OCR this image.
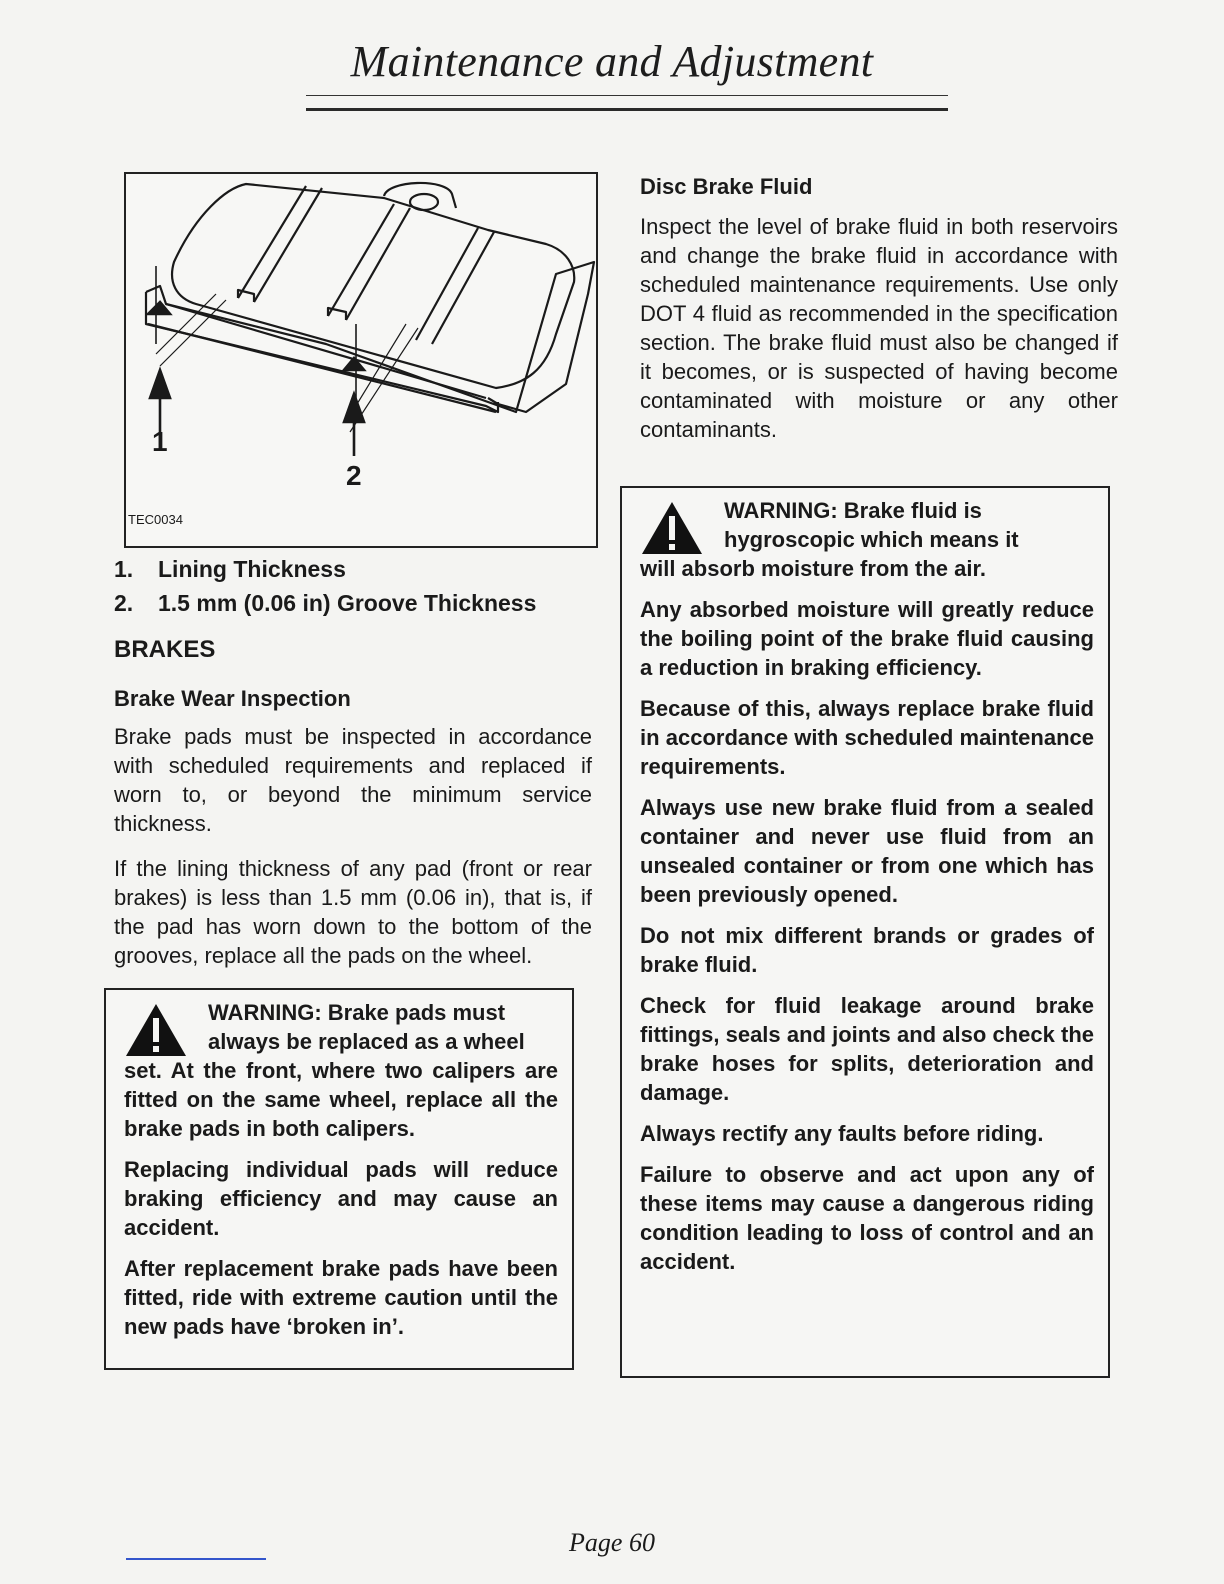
Maintenance and Adjustment
1
2
TEC0034

1. Lining Thickness

2. 1.5 mm (0.06 in) Groove Thickness

BRAKES
Brake Wear Inspection

Brake pads must be inspected in accordance with scheduled requirements and replaced if worn to, or beyond the minimum service thickness.

If the lining thickness of any pad (front or rear brakes) is less than 1.5 mm (0.06 in), that is, if the pad has worn down to the bottom of the grooves, replace all the pads on the wheel.

WARNING: Brake pads must
always be replaced as a wheel
set. At the front, where two calipers are fitted on the same wheel, replace all the brake pads in both calipers.

Replacing individual pads will reduce braking efficiency and may cause an accident.

After replacement brake pads have been fitted, ride with extreme caution until the new pads have ‘broken in’.

Disc Brake Fluid

Inspect the level of brake fluid in both reservoirs and change the brake fluid in accordance with scheduled maintenance requirements. Use only DOT 4 fluid as recommended in the specification section. The brake fluid must also be changed if it becomes, or is suspected of having become contaminated with moisture or any other contaminants.

WARNING: Brake fluid is
hygroscopic which means it
will absorb moisture from the air.

Any absorbed moisture will greatly reduce the boiling point of the brake fluid causing a reduction in braking efficiency.

Because of this, always replace brake fluid in accordance with scheduled maintenance requirements.

Always use new brake fluid from a sealed container and never use fluid from an unsealed container or from one which has been previously opened.

Do not mix different brands or grades of brake fluid.

Check for fluid leakage around brake fittings, seals and joints and also check the brake hoses for splits, deterioration and damage.

Always rectify any faults before riding.

Failure to observe and act upon any of these items may cause a dangerous riding condition leading to loss of control and an accident.

Page 60
